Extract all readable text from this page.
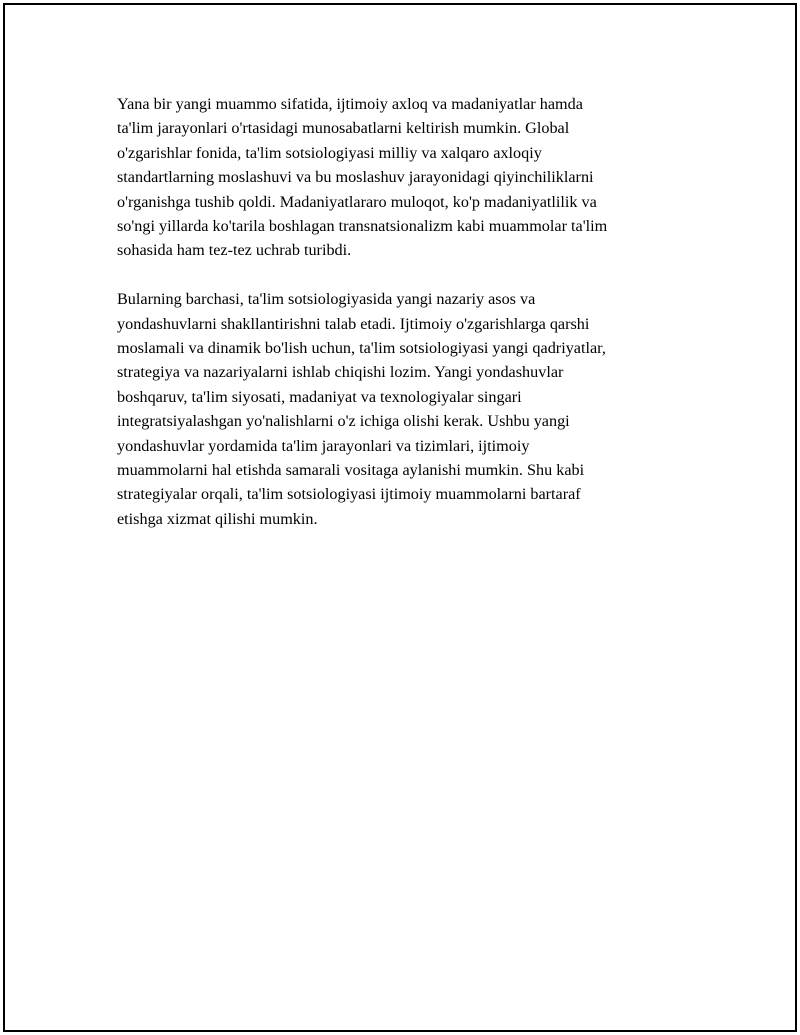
Yana bir yangi muammo sifatida, ijtimoiy axloq va madaniyatlar hamda
ta'lim jarayonlari o'rtasidagi munosabatlarni keltirish mumkin. Global
o'zgarishlar fonida, ta'lim sotsiologiyasi milliy va xalqaro axloqiy
standartlarning moslashuvi va bu moslashuv jarayonidagi qiyinchiliklarni
o'rganishga tushib qoldi. Madaniyatlararo muloqot, ko'p madaniyatlilik va
so'ngi yillarda ko'tarila boshlagan transnatsionalizm kabi muammolar ta'lim
sohasida ham tez-tez uchrab turibdi.

Bularning barchasi, ta'lim sotsiologiyasida yangi nazariy asos va
yondashuvlarni shakllantirishni talab etadi. Ijtimoiy o'zgarishlarga qarshi
moslamali va dinamik bo'lish uchun, ta'lim sotsiologiyasi yangi qadriyatlar,
strategiya va nazariyalarni ishlab chiqishi lozim. Yangi yondashuvlar
boshqaruv, ta'lim siyosati, madaniyat va texnologiyalar singari
integratsiyalashgan yo'nalishlarni o'z ichiga olishi kerak. Ushbu yangi
yondashuvlar yordamida ta'lim jarayonlari va tizimlari, ijtimoiy
muammolarni hal etishda samarali vositaga aylanishi mumkin. Shu kabi
strategiyalar orqali, ta'lim sotsiologiyasi ijtimoiy muammolarni bartaraf
etishga xizmat qilishi mumkin.
